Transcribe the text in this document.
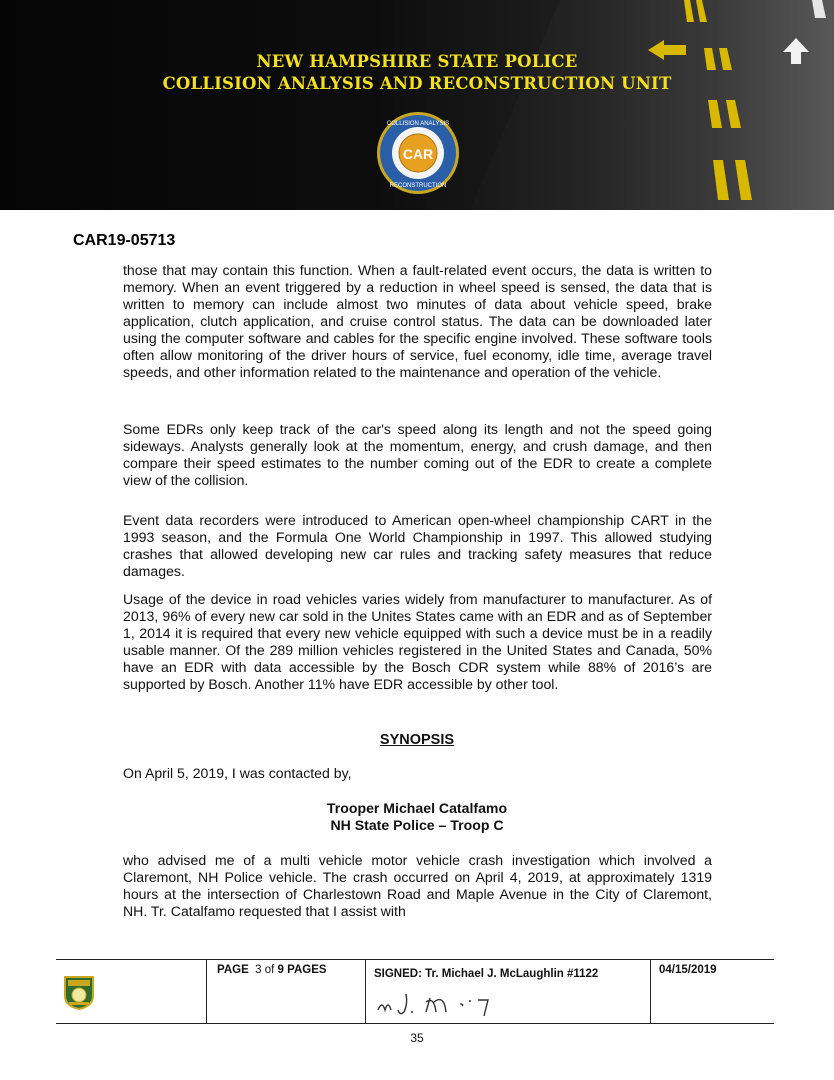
NEW HAMPSHIRE STATE POLICE
COLLISION ANALYSIS AND RECONSTRUCTION UNIT
CAR
COLLISION ANALYSIS
RECONSTRUCTION
CAR19-05713

those that may contain this function. When a fault-related event occurs, the data is written to memory. When an event triggered by a reduction in wheel speed is sensed, the data that is written to memory can include almost two minutes of data about vehicle speed, brake application, clutch application, and cruise control status. The data can be downloaded later using the computer software and cables for the specific engine involved. These software tools often allow monitoring of the driver hours of service, fuel economy, idle time, average travel speeds, and other information related to the maintenance and operation of the vehicle.

Some EDRs only keep track of the car's speed along its length and not the speed going sideways. Analysts generally look at the momentum, energy, and crush damage, and then compare their speed estimates to the number coming out of the EDR to create a complete view of the collision.

Event data recorders were introduced to American open-wheel championship CART in the 1993 season, and the Formula One World Championship in 1997. This allowed studying crashes that allowed developing new car rules and tracking safety measures that reduce damages.

Usage of the device in road vehicles varies widely from manufacturer to manufacturer. As of 2013, 96% of every new car sold in the Unites States came with an EDR and as of September 1, 2014 it is required that every new vehicle equipped with such a device must be in a readily usable manner. Of the 289 million vehicles registered in the United States and Canada, 50% have an EDR with data accessible by the Bosch CDR system while 88% of 2016’s are supported by Bosch. Another 11% have EDR accessible by other tool.

SYNOPSIS
On April 5, 2019, I was contacted by,
Trooper Michael Catalfamo
NH State Police – Troop C

who advised me of a multi vehicle motor vehicle crash investigation which involved a Claremont, NH Police vehicle. The crash occurred on April 4, 2019, at approximately 1319 hours at the intersection of Charlestown Road and Maple Avenue in the City of Claremont, NH. Tr. Catalfamo requested that I assist with

PAGE 3 of 9 PAGES	SIGNED: Tr. Michael J. McLaughlin #1122	04/15/2019
35
